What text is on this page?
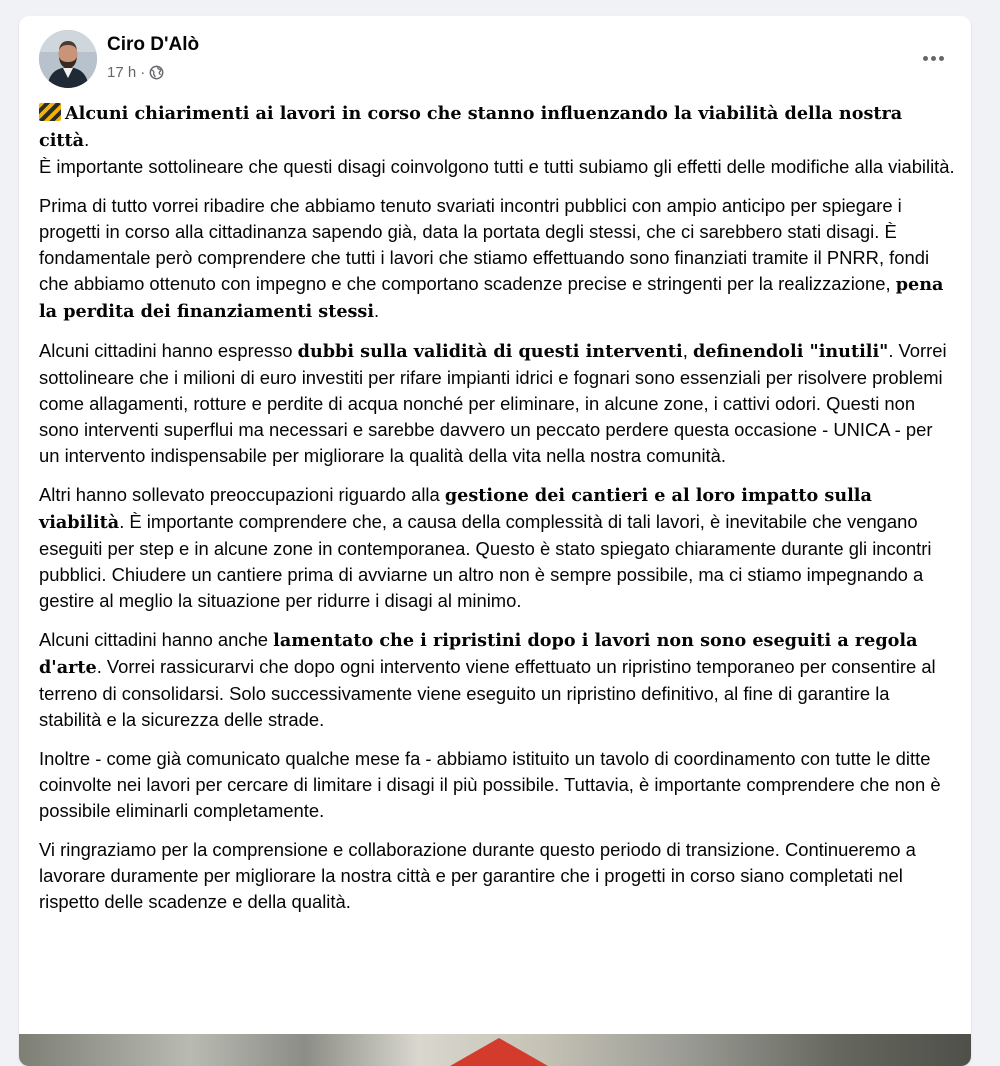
Ciro D'Alò
17 h ·

Alcuni chiarimenti ai lavori in corso che stanno influenzando la viabilità della nostra città.
È importante sottolineare che questi disagi coinvolgono tutti e tutti subiamo gli effetti delle modifiche alla viabilità.

Prima di tutto vorrei ribadire che abbiamo tenuto svariati incontri pubblici con ampio anticipo per spiegare i progetti in corso alla cittadinanza sapendo già, data la portata degli stessi, che ci sarebbero stati disagi. È fondamentale però comprendere che tutti i lavori che stiamo effettuando sono finanziati tramite il PNRR, fondi che abbiamo ottenuto con impegno e che comportano scadenze precise e stringenti per la realizzazione, pena la perdita dei finanziamenti stessi.

Alcuni cittadini hanno espresso dubbi sulla validità di questi interventi, definendoli "inutili". Vorrei sottolineare che i milioni di euro investiti per rifare impianti idrici e fognari sono essenziali per risolvere problemi come allagamenti, rotture e perdite di acqua nonché per eliminare, in alcune zone, i cattivi odori. Questi non sono interventi superflui ma necessari e sarebbe davvero un peccato perdere questa occasione - UNICA - per un intervento indispensabile per migliorare la qualità della vita nella nostra comunità.

Altri hanno sollevato preoccupazioni riguardo alla gestione dei cantieri e al loro impatto sulla viabilità. È importante comprendere che, a causa della complessità di tali lavori, è inevitabile che vengano eseguiti per step e in alcune zone in contemporanea. Questo è stato spiegato chiaramente durante gli incontri pubblici. Chiudere un cantiere prima di avviarne un altro non è sempre possibile, ma ci stiamo impegnando a gestire al meglio la situazione per ridurre i disagi al minimo.

Alcuni cittadini hanno anche lamentato che i ripristini dopo i lavori non sono eseguiti a regola d'arte. Vorrei rassicurarvi che dopo ogni intervento viene effettuato un ripristino temporaneo per consentire al terreno di consolidarsi. Solo successivamente viene eseguito un ripristino definitivo, al fine di garantire la stabilità e la sicurezza delle strade.

Inoltre - come già comunicato qualche mese fa - abbiamo istituito un tavolo di coordinamento con tutte le ditte coinvolte nei lavori per cercare di limitare i disagi il più possibile. Tuttavia, è importante comprendere che non è possibile eliminarli completamente.

Vi ringraziamo per la comprensione e collaborazione durante questo periodo di transizione. Continueremo a lavorare duramente per migliorare la nostra città e per garantire che i progetti in corso siano completati nel rispetto delle scadenze e della qualità.
